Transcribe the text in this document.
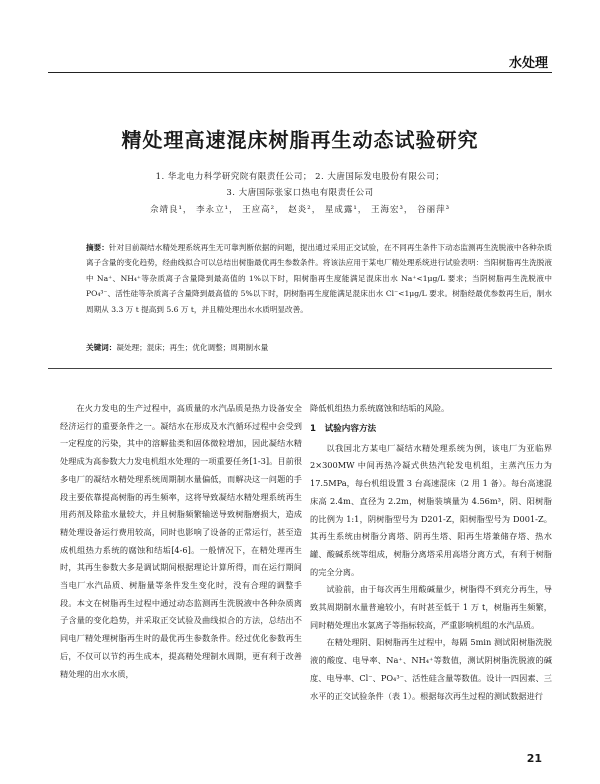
水处理
精处理高速混床树脂再生动态试验研究
1. 华北电力科学研究院有限责任公司； 2. 大唐国际发电股份有限公司；
3. 大唐国际张家口热电有限责任公司
佘靖良¹， 李永立¹， 王应高²， 赵炎²， 星成露¹， 王海宏³， 谷丽萍³
摘要：针对目前凝结水精处理系统再生无可靠判断依据的问题，提出通过采用正交试验，在不同再生条件下动态监测再生洗脱液中各种杂质离子含量的变化趋势，经曲线拟合可以总结出树脂最优再生参数条件。将该法应用于某电厂精处理系统进行试验表明：当阳树脂再生洗脱液中 Na⁺、NH₄⁺等杂质离子含量降到最高值的 1%以下时，阳树脂再生度能满足混床出水 Na⁺<1μg/L 要求；当阴树脂再生洗脱液中 PO₄³⁻、活性硅等杂质离子含量降到最高值的 5%以下时，阴树脂再生度能满足混床出水 Cl⁻<1μg/L 要求。树脂经最优参数再生后，制水周期从 3.3 万 t 提高到 5.6 万 t，并且精处理出水水质明显改善。
关键词：凝处理；混床；再生；优化调整；周期制水量

在火力发电的生产过程中，高质量的水汽品质是热力设备安全经济运行的重要条件之一。凝结水在形成及水汽循环过程中会受到一定程度的污染，其中的溶解盐类和固体微粒增加，因此凝结水精处理成为高参数大力发电机组水处理的一项重要任务[1-3]。目前很多电厂的凝结水精处理系统周期制水量偏低，而解决这一问题的手段主要依靠提高树脂的再生频率，这将导致凝结水精处理系统再生用药剂及除盐水量较大，并且树脂频繁输送导致树脂磨损大，造成精处理设备运行费用较高，同时也影响了设备的正常运行，甚至造成机组热力系统的腐蚀和结垢[4-6]。一般情况下，在精处理再生时，其再生参数大多是调试期间根据理论计算所得，而在运行期间当电厂水汽品质、树脂量等条件发生变化时，没有合理的调整手段。本文在树脂再生过程中通过动态监测再生洗脱液中各种杂质离子含量的变化趋势，并采取正交试验及曲线拟合的方法，总结出不同电厂精处理树脂再生时的最优再生参数条件。经过优化参数再生后，不仅可以节约再生成本，提高精处理制水周期，更有利于改善精处理的出水水质，

降低机组热力系统腐蚀和结垢的风险。

1　试验内容方法

以我国北方某电厂凝结水精处理系统为例，该电厂为亚临界 2×300MW 中间再热冷凝式供热汽轮发电机组，主蒸汽压力为 17.5MPa，每台机组设置 3 台高速混床（2 用 1 备）。每台高速混床高 2.4m、直径为 2.2m，树脂装填量为 4.56m³，阴、阳树脂的比例为 1:1，阴树脂型号为 D201-Z，阳树脂型号为 D001-Z。其再生系统由树脂分离塔、阴再生塔、阳再生塔兼储存塔、热水罐、酸碱系统等组成，树脂分离塔采用高塔分离方式，有利于树脂的完全分离。

试验前，由于每次再生用酸碱量少，树脂得不到充分再生，导致其周期制水量普遍较小，有时甚至低于 1 万 t，树脂再生频繁，同时精处理出水氯离子等指标较高，严重影响机组的水汽品质。

在精处理阴、阳树脂再生过程中，每隔 5min 测试阳树脂洗脱液的酸度、电导率、Na⁺、NH₄⁺等数值，测试阴树脂洗脱液的碱度、电导率、Cl⁻、PO₄³⁻、活性硅含量等数值。设计一四因素、三水平的正交试验条件（表 1）。根据每次再生过程的测试数据进行

21
